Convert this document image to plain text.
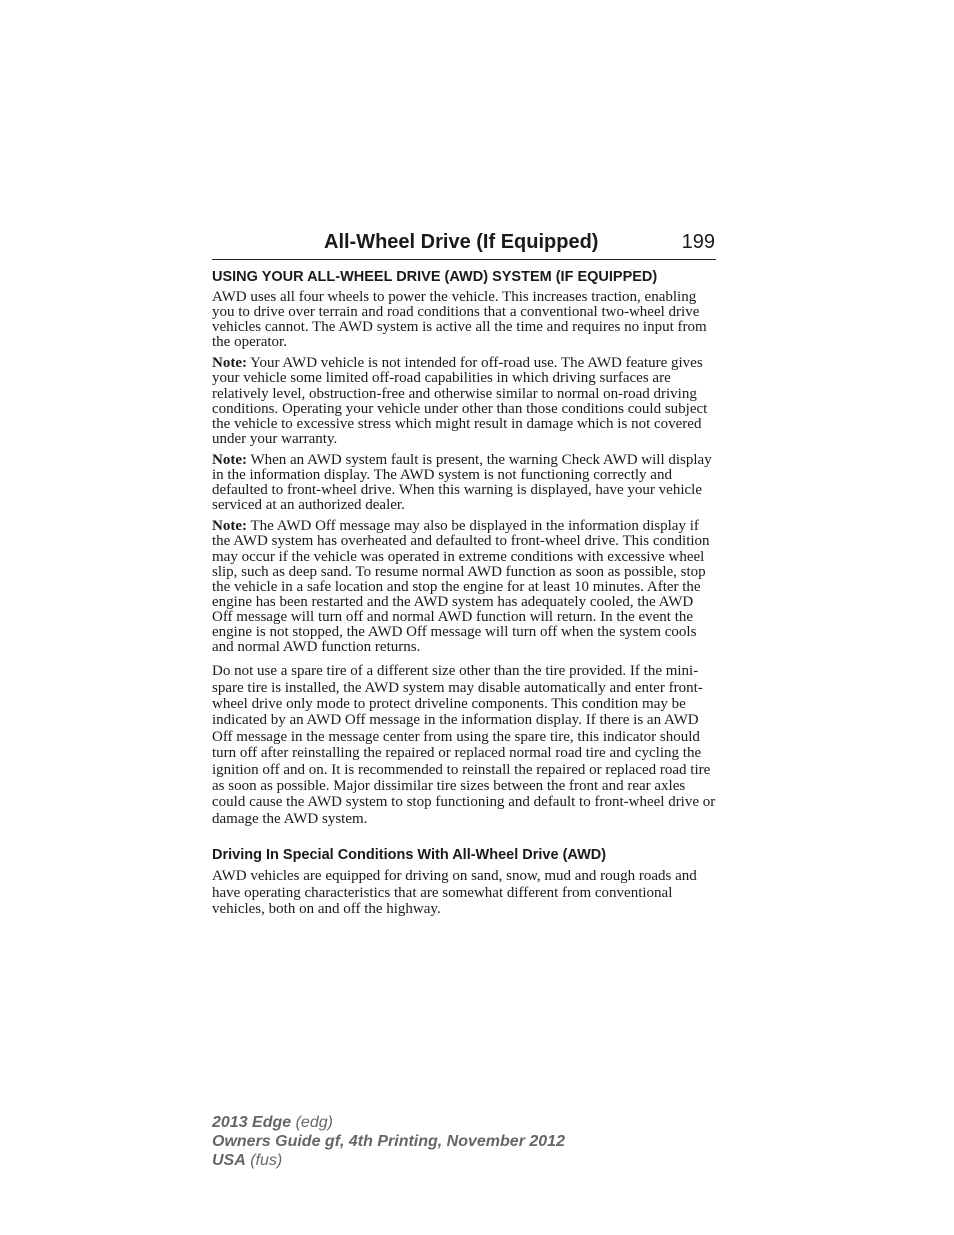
All-Wheel Drive (If Equipped)	199
USING YOUR ALL-WHEEL DRIVE (AWD) SYSTEM (IF EQUIPPED)

AWD uses all four wheels to power the vehicle. This increases traction, enabling you to drive over terrain and road conditions that a conventional two-wheel drive vehicles cannot. The AWD system is active all the time and requires no input from the operator.

Note: Your AWD vehicle is not intended for off-road use. The AWD feature gives your vehicle some limited off-road capabilities in which driving surfaces are relatively level, obstruction-free and otherwise similar to normal on-road driving conditions. Operating your vehicle under other than those conditions could subject the vehicle to excessive stress which might result in damage which is not covered under your warranty.

Note: When an AWD system fault is present, the warning Check AWD will display in the information display. The AWD system is not functioning correctly and defaulted to front-wheel drive. When this warning is displayed, have your vehicle serviced at an authorized dealer.

Note: The AWD Off message may also be displayed in the information display if the AWD system has overheated and defaulted to front-wheel drive. This condition may occur if the vehicle was operated in extreme conditions with excessive wheel slip, such as deep sand. To resume normal AWD function as soon as possible, stop the vehicle in a safe location and stop the engine for at least 10 minutes. After the engine has been restarted and the AWD system has adequately cooled, the AWD Off message will turn off and normal AWD function will return. In the event the engine is not stopped, the AWD Off message will turn off when the system cools and normal AWD function returns.

Do not use a spare tire of a different size other than the tire provided. If the mini-spare tire is installed, the AWD system may disable automatically and enter front-wheel drive only mode to protect driveline components. This condition may be indicated by an AWD Off message in the information display. If there is an AWD Off message in the message center from using the spare tire, this indicator should turn off after reinstalling the repaired or replaced normal road tire and cycling the ignition off and on. It is recommended to reinstall the repaired or replaced road tire as soon as possible. Major dissimilar tire sizes between the front and rear axles could cause the AWD system to stop functioning and default to front-wheel drive or damage the AWD system.

Driving In Special Conditions With All-Wheel Drive (AWD)

AWD vehicles are equipped for driving on sand, snow, mud and rough roads and have operating characteristics that are somewhat different from conventional vehicles, both on and off the highway.

2013 Edge (edg)
Owners Guide gf, 4th Printing, November 2012
USA (fus)
